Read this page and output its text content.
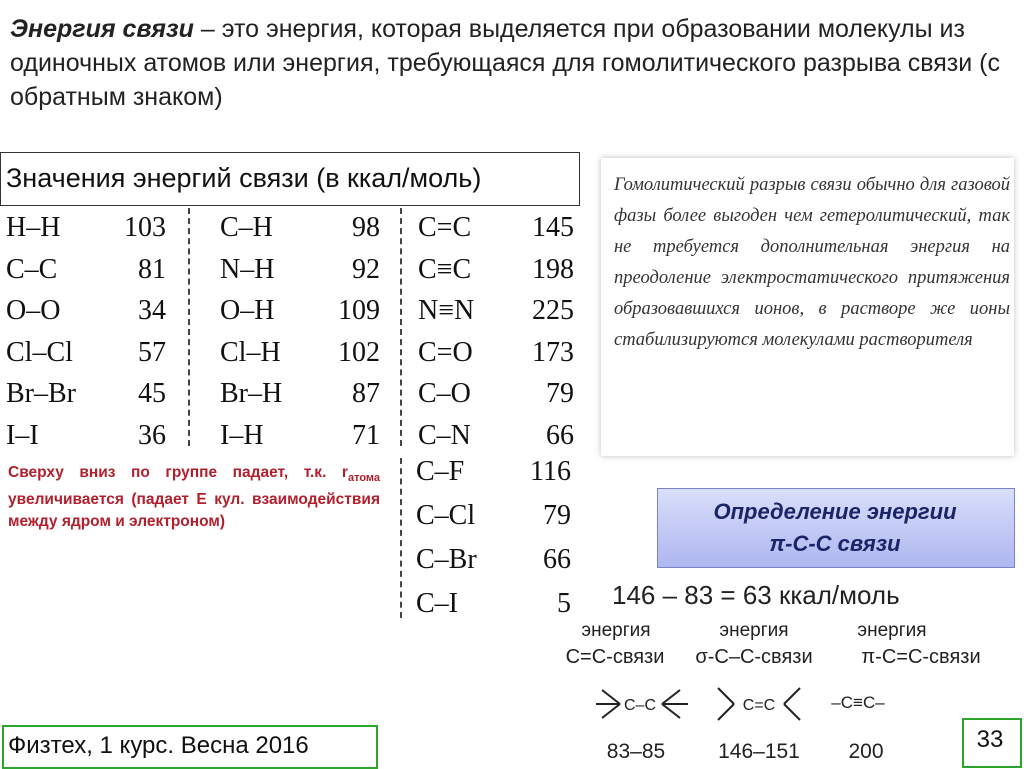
Энергия связи – это энергия, которая выделяется при образовании молекулы из одиночных атомов или энергия, требующаяся для гомолитического разрыва связи (с обратным знаком)
Значения энергий связи (в ккал/моль)
H–H 103
C–C	81
O–O	34
Cl–Cl 57
Br–Br 45
I–I	36
C–H	98
N–H	92
O–H 109
Cl–H 102
Br–H 87
I–H	71
C=C 145
C≡C 198
N≡N 225
C=O 173
C–O	79
C–N	66
C–F 116
C–Cl 79
C–Br 66
C–I	5
Сверху вниз по группе падает, т.к. $r_{атома}$ увеличивается (падает E кул. взаимодействия между ядром и электроном)
Гомолитический разрыв связи обычно для газовой фазы более выгоден чем гетеролитический, так не требуется дополнительная энергия на преодоление электростатического притяжения образовавшихся ионов, в растворе же ионы стабилизируются молекулами растворителя
Определение энергии
π-С-С связи
146 – 83 = 63 ккал/моль
энергия	энергия	энергия
C=C-связи	σ-C–C-связи	π-C=C-связи
C–C	C=C	–C≡C–
83–85	146–151	200
Физтех, 1 курс. Весна 2016	33
